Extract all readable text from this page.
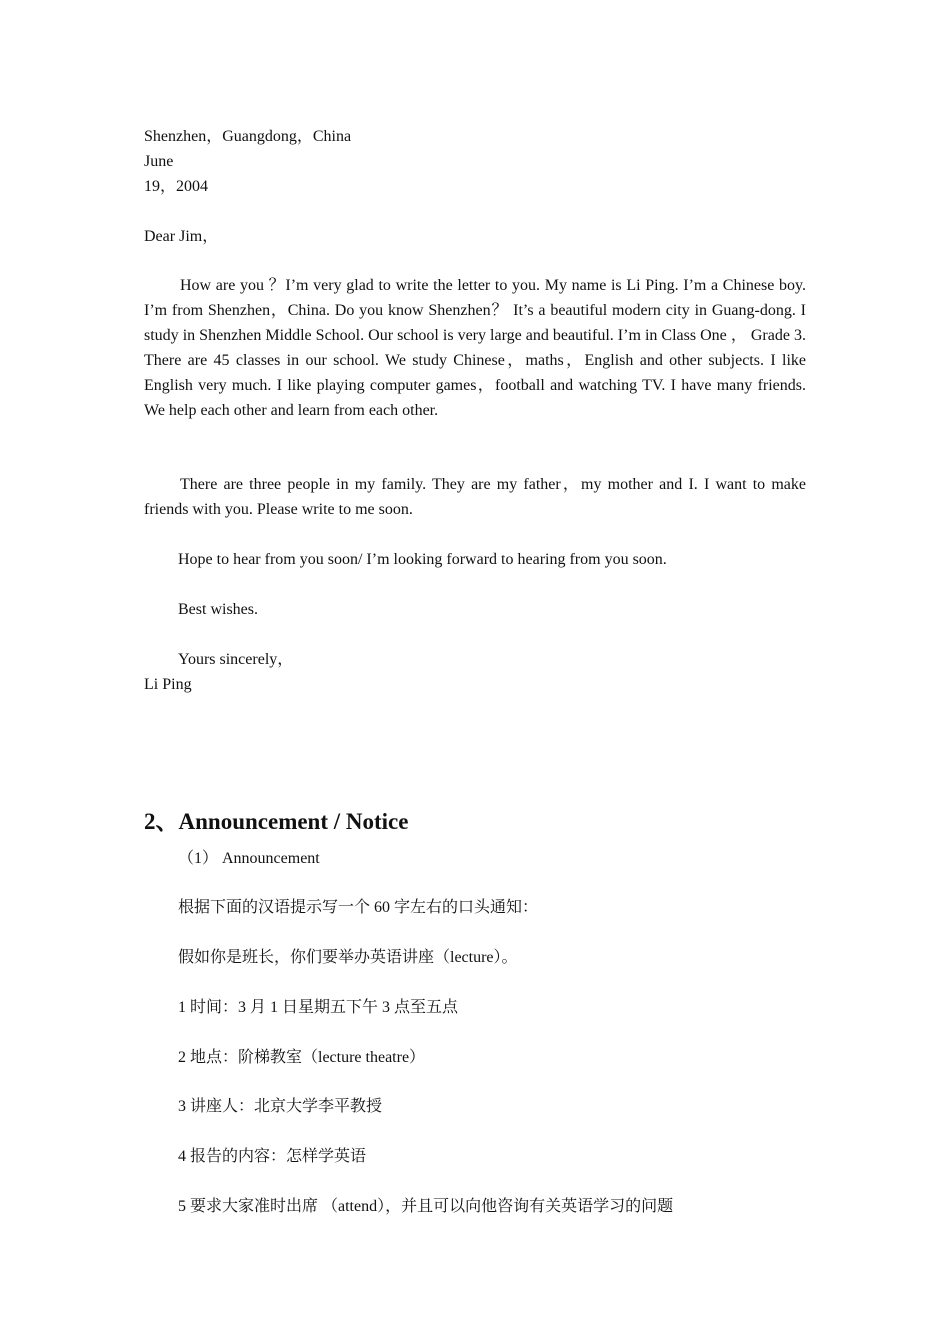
Shenzhen，Guangdong，China
June
19，2004
Dear Jim，
How are you ？I’m very glad to write the letter to you. My name is Li Ping. I’m a Chinese boy. I’m from Shenzhen，China. Do you know Shenzhen？ It’s a beautiful modern city in Guang-dong. I study in Shenzhen Middle School. Our school is very large and beautiful. I’m in Class One ， Grade 3. There are 45 classes in our school. We study Chinese，maths，English and other subjects. I like English very much. I like playing computer games，football and watching TV. I have many friends. We help each other and learn from each other.
There are three people in my family. They are my father，my mother and I. I want to make friends with you. Please write to me soon.
Hope to hear from you soon/ I’m looking forward to hearing from you soon.
Best wishes.
Yours sincerely，
Li Ping
2、Announcement / Notice
（1） Announcement
根据下面的汉语提示写一个 60 字左右的口头通知：
假如你是班长，你们要举办英语讲座（lecture）。
1 时间：3 月 1 日星期五下午 3 点至五点
2 地点：阶梯教室（lecture theatre）
3 讲座人：北京大学李平教授
4 报告的内容：怎样学英语
5 要求大家准时出席 （attend），并且可以向他咨询有关英语学习的问题
